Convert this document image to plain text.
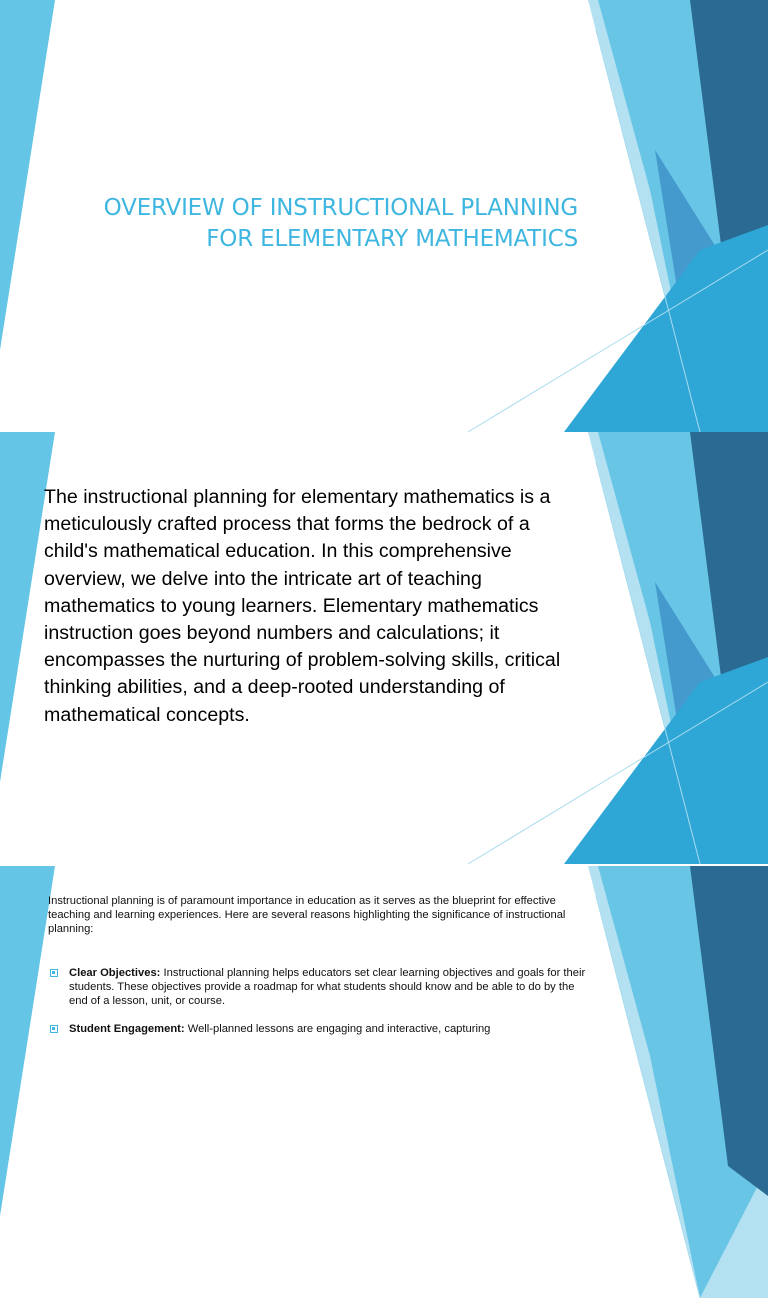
OVERVIEW OF INSTRUCTIONAL PLANNING
FOR ELEMENTARY MATHEMATICS

The instructional planning for elementary mathematics is a meticulously crafted process that forms the bedrock of a child's mathematical education. In this comprehensive overview, we delve into the intricate art of teaching mathematics to young learners. Elementary mathematics instruction goes beyond numbers and calculations; it encompasses the nurturing of problem-solving skills, critical thinking abilities, and a deep-rooted understanding of mathematical concepts.

Instructional planning is of paramount importance in education as it serves as the blueprint for effective teaching and learning experiences. Here are several reasons highlighting the significance of instructional planning:

Clear Objectives: Instructional planning helps educators set clear learning objectives and goals for their students. These objectives provide a roadmap for what students should know and be able to do by the end of a lesson, unit, or course.
Student Engagement: Well-planned lessons are engaging and interactive, capturing
